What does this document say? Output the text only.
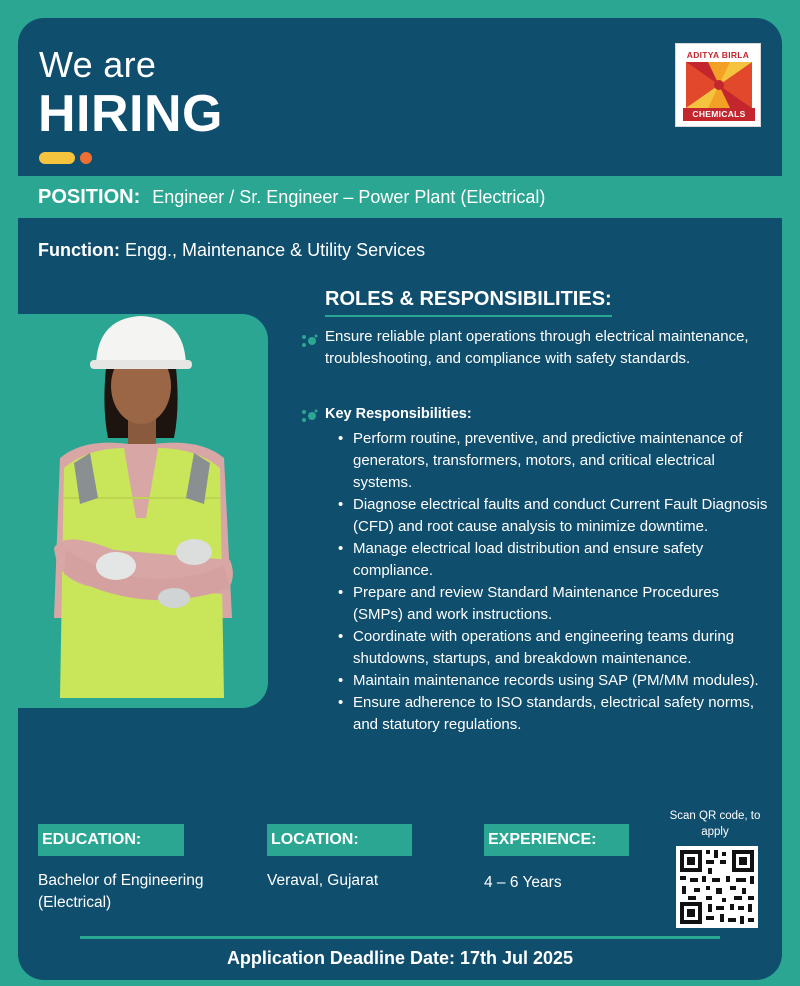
We are
HIRING
ADITYA BIRLA
CHEMICALS
POSITION: Engineer / Sr. Engineer – Power Plant (Electrical)
Function: Engg., Maintenance & Utility Services
ROLES & RESPONSIBILITIES:
Ensure reliable plant operations through electrical maintenance, troubleshooting, and compliance with safety standards.
Key Responsibilities:
• Perform routine, preventive, and predictive maintenance of generators, transformers, motors, and critical electrical systems.
• Diagnose electrical faults and conduct Current Fault Diagnosis (CFD) and root cause analysis to minimize downtime.
• Manage electrical load distribution and ensure safety compliance.
• Prepare and review Standard Maintenance Procedures (SMPs) and work instructions.
• Coordinate with operations and engineering teams during shutdowns, startups, and breakdown maintenance.
• Maintain maintenance records using SAP (PM/MM modules).
• Ensure adherence to ISO standards, electrical safety norms, and statutory regulations.
EDUCATION:
Bachelor of Engineering (Electrical)
LOCATION:
Veraval, Gujarat
EXPERIENCE:
4 – 6 Years
Scan QR code, to apply
Application Deadline Date: 17th Jul 2025
